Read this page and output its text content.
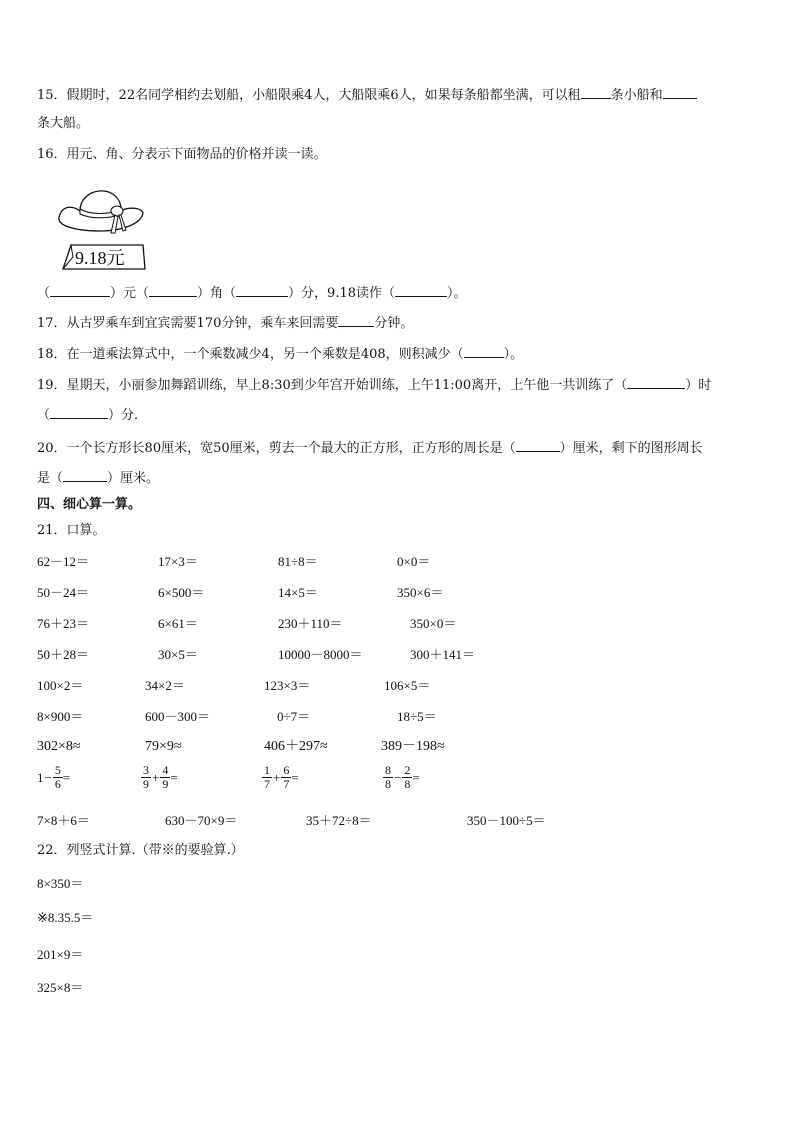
15．假期时，22名同学相约去划船，小船限乘4人，大船限乘6人，如果每条船都坐满，可以租 条小船和
条大船。
16．用元、角、分表示下面物品的价格并读一读。
9.18元
（	）元（	）角（	）分，9.18读作（	）。
17．从古罗乘车到宜宾需要170分钟，乘车来回需要	分钟。
18．在一道乘法算式中，一个乘数减少4，另一个乘数是408，则积减少（	）。
19．星期天，小丽参加舞蹈训练，早上8:30到少年宫开始训练，上午11:00离开，上午他一共训练了（	）时
（	）分.
20．一个长方形长80厘米，宽50厘米，剪去一个最大的正方形，正方形的周长是（	）厘米，剩下的图形周长
是（	）厘米。
四、细心算一算。
21．口算。
62－12＝	17×3＝	81÷8＝	0×0＝
50－24＝	6×500＝	14×5＝	350×6＝
76＋23＝	6×61＝	230＋110＝	350×0＝
50＋28＝	30×5＝	10000－8000＝	300＋141＝
100×2＝	34×2＝	123×3＝	106×5＝
8×900＝	600－300＝	0÷7＝	18÷5＝
302×8≈	79×9≈	406＋297≈	389－198≈
$1 - \frac{5}{6}$ =	$\frac{3}{9} + \frac{4}{9}$ =	$\frac{1}{7} + \frac{6}{7}$ =	$\frac{8}{8} - \frac{2}{8}$ =
7×8＋6＝	630－70×9＝	35＋72÷8＝	350－100÷5＝
22．列竖式计算.（带※的要验算.）
8×350＝
※8.35.5＝
201×9＝
325×8＝
